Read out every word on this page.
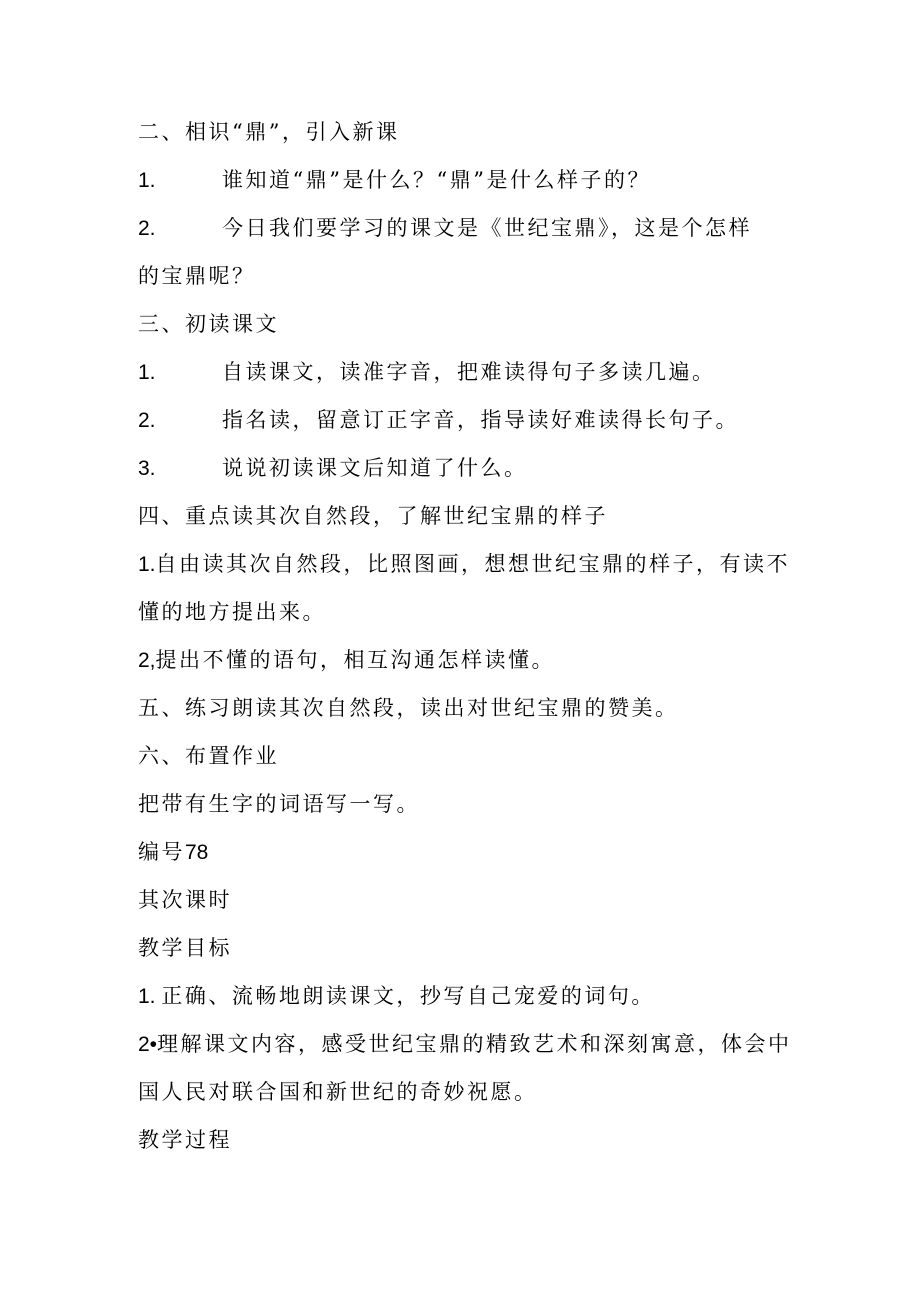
二、相识“鼎”，引入新课
1.	谁知道“鼎”是什么？“鼎”是什么样子的？
2.	今日我们要学习的课文是《世纪宝鼎》，这是个怎样
的宝鼎呢？
三、初读课文
1.	自读课文，读准字音，把难读得句子多读几遍。
2.	指名读，留意订正字音，指导读好难读得长句子。
3.	说说初读课文后知道了什么。
四、重点读其次自然段，了解世纪宝鼎的样子
1.自由读其次自然段，比照图画，想想世纪宝鼎的样子，有读不
懂的地方提出来。
2,提出不懂的语句，相互沟通怎样读懂。
五、练习朗读其次自然段，读出对世纪宝鼎的赞美。
六、布置作业
把带有生字的词语写一写。
编号78
其次课时
教学目标
1. 正确、流畅地朗读课文，抄写自己宠爱的词句。
2•理解课文内容，感受世纪宝鼎的精致艺术和深刻寓意，体会中
国人民对联合国和新世纪的奇妙祝愿。
教学过程
